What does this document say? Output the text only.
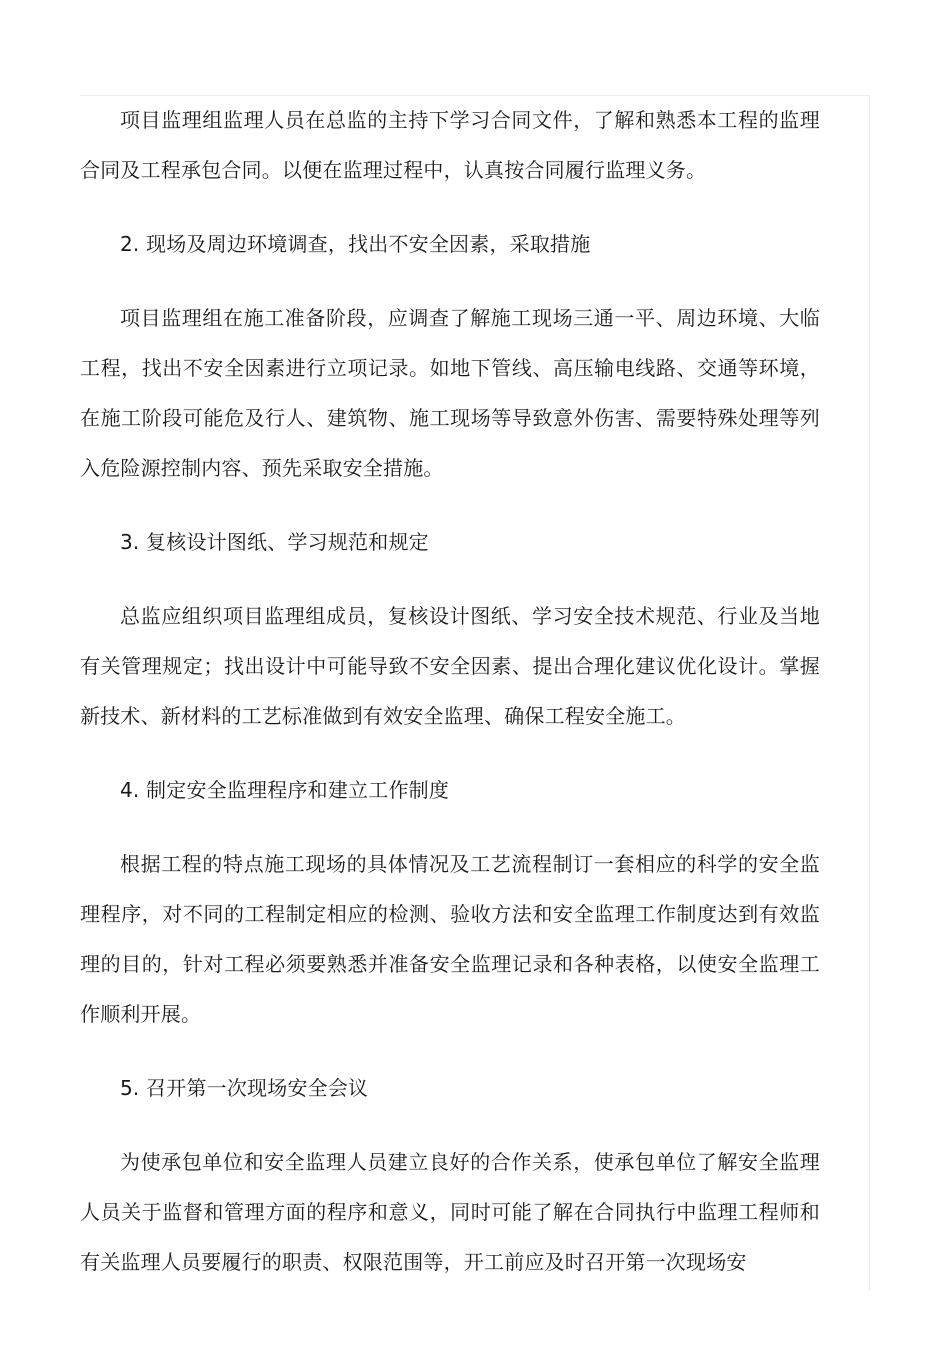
项目监理组监理人员在总监的主持下学习合同文件，了解和熟悉本工程的监理合同及工程承包合同。以便在监理过程中，认真按合同履行监理义务。

2. 现场及周边环境调查，找出不安全因素，采取措施

项目监理组在施工准备阶段，应调查了解施工现场三通一平、周边环境、大临工程，找出不安全因素进行立项记录。如地下管线、高压输电线路、交通等环境，在施工阶段可能危及行人、建筑物、施工现场等导致意外伤害、需要特殊处理等列入危险源控制内容、预先采取安全措施。

3. 复核设计图纸、学习规范和规定

总监应组织项目监理组成员，复核设计图纸、学习安全技术规范、行业及当地有关管理规定；找出设计中可能导致不安全因素、提出合理化建议优化设计。掌握新技术、新材料的工艺标准做到有效安全监理、确保工程安全施工。

4. 制定安全监理程序和建立工作制度

根据工程的特点施工现场的具体情况及工艺流程制订一套相应的科学的安全监理程序，对不同的工程制定相应的检测、验收方法和安全监理工作制度达到有效监理的目的，针对工程必须要熟悉并准备安全监理记录和各种表格，以使安全监理工作顺利开展。

5. 召开第一次现场安全会议

为使承包单位和安全监理人员建立良好的合作关系，使承包单位了解安全监理人员关于监督和管理方面的程序和意义，同时可能了解在合同执行中监理工程师和有关监理人员要履行的职责、权限范围等，开工前应及时召开第一次现场安
